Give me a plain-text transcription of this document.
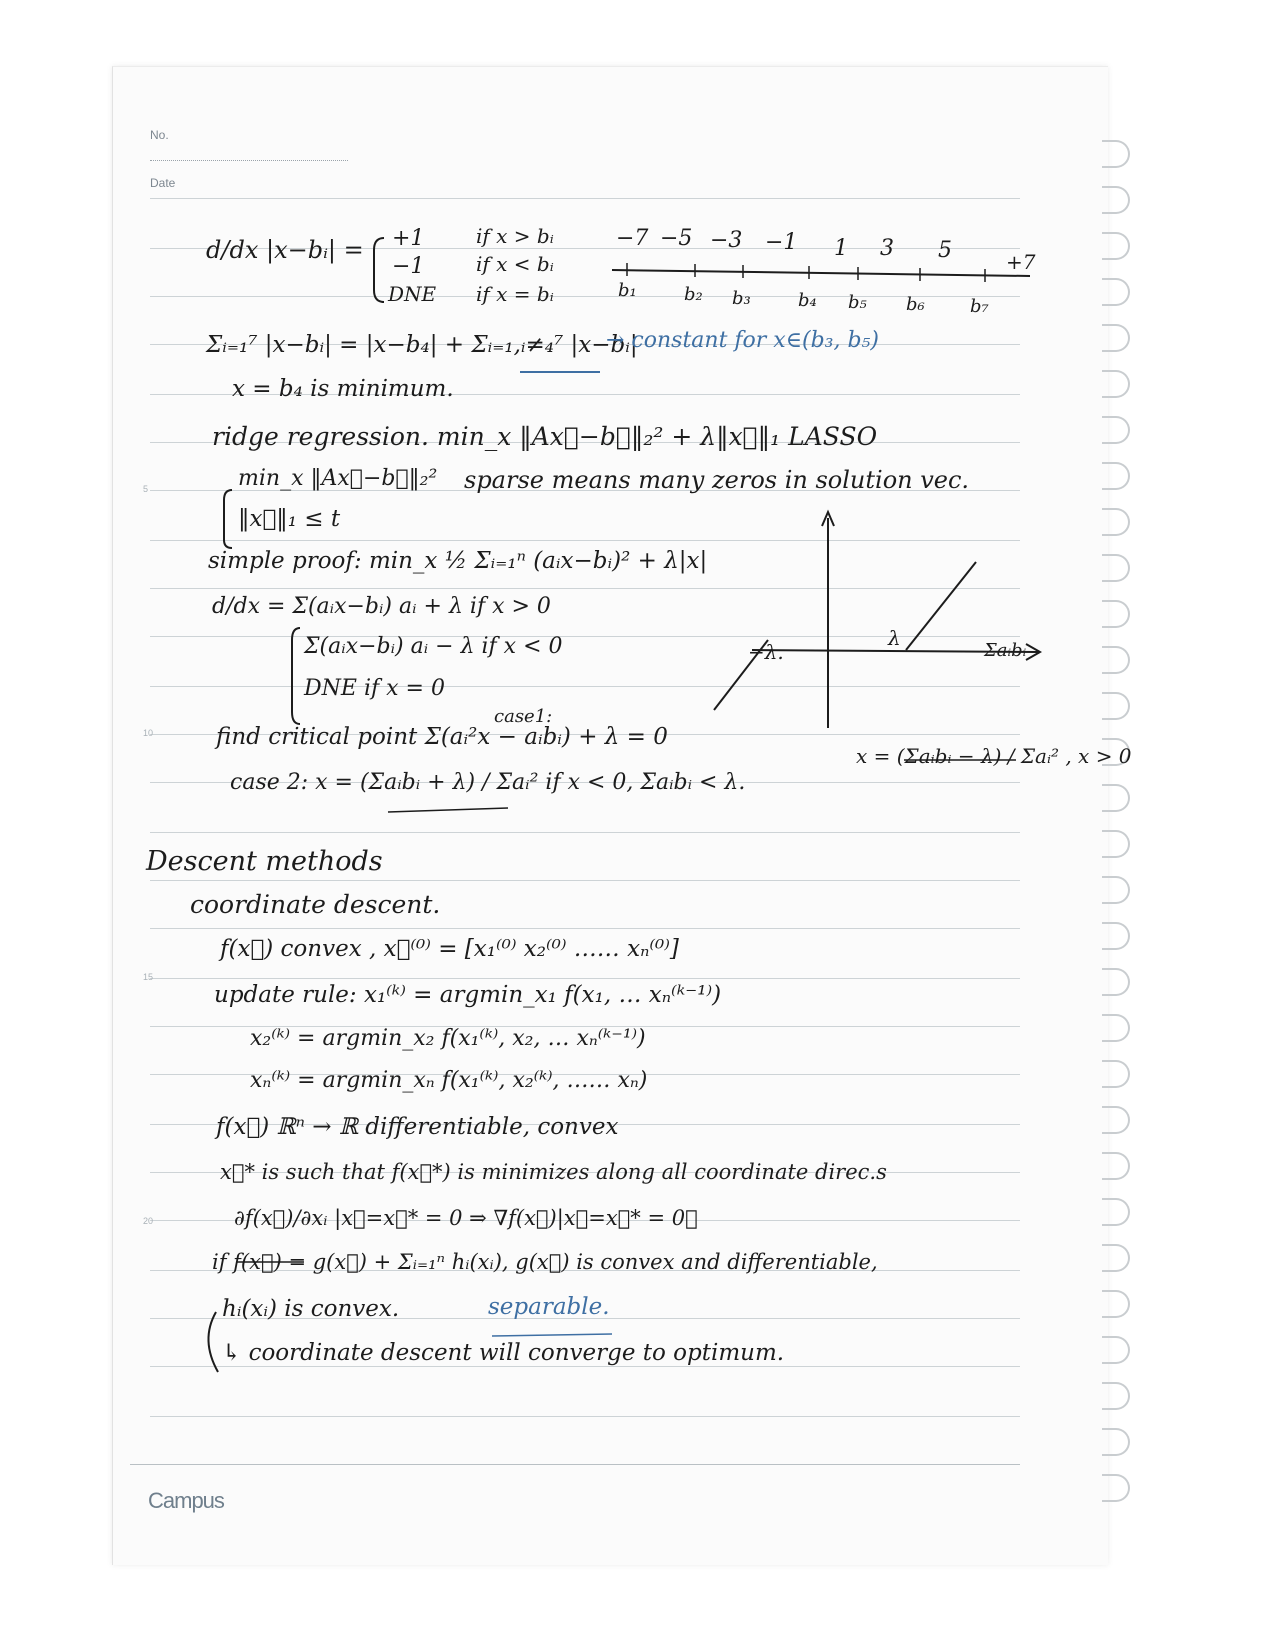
No.
Date
5
10
15
20
−7 −5 −3 −1 1 3 5	+7
b₁	b₂ b₃	b₄ b₅ b₆	b₇
d/dx |x−bᵢ| = +1	if x > bᵢ
−1	if x < bᵢ
DNE if x = bᵢ
Σᵢ₌₁⁷ |x−bᵢ| = |x−b₄| + Σᵢ₌₁,ᵢ≠₄⁷ |x−bᵢ|
→ constant for x∈(b₃, b₅)
x = b₄ is minimum.
ridge regression. min_x ‖Ax⃗−b⃗‖₂² + λ‖x⃗‖₁ LASSO
min_x ‖Ax⃗−b⃗‖₂² sparse means many zeros in solution vec.
‖x⃗‖₁ ≤ t
simple proof: min_x ½ Σᵢ₌₁ⁿ (aᵢx−bᵢ)² + λ|x|
d/dx = Σ(aᵢx−bᵢ) aᵢ + λ if x > 0
Σ(aᵢx−bᵢ) aᵢ − λ if x < 0
DNE if x = 0
case1:
find critical point Σ(aᵢ²x − aᵢbᵢ) + λ = 0
x = (Σaᵢbᵢ − λ) / Σaᵢ² , x > 0
case 2: x = (Σaᵢbᵢ + λ) / Σaᵢ² if x < 0, Σaᵢbᵢ < λ.
Descent methods
coordinate descent.
f(x⃗) convex , x⃗⁽⁰⁾ = [x₁⁽⁰⁾ x₂⁽⁰⁾ …… xₙ⁽⁰⁾]
update rule: x₁⁽ᵏ⁾ = argmin_x₁ f(x₁, … xₙ⁽ᵏ⁻¹⁾)
x₂⁽ᵏ⁾ = argmin_x₂ f(x₁⁽ᵏ⁾, x₂, … xₙ⁽ᵏ⁻¹⁾)
xₙ⁽ᵏ⁾ = argmin_xₙ f(x₁⁽ᵏ⁾, x₂⁽ᵏ⁾, …… xₙ)
f(x⃗) ℝⁿ → ℝ differentiable, convex
x⃗* is such that f(x⃗*) is minimizes along all coordinate direc.s
∂f(x⃗)/∂xᵢ |x⃗=x⃗* = 0 ⇒ ∇f(x⃗)|x⃗=x⃗* = 0⃗
if f(x⃗) = g(x⃗) + Σᵢ₌₁ⁿ hᵢ(xᵢ), g(x⃗) is convex and differentiable,
hᵢ(xᵢ) is convex.	separable.
↳ coordinate descent will converge to optimum.
−λ.
λ
Σaᵢbᵢ
Campus
